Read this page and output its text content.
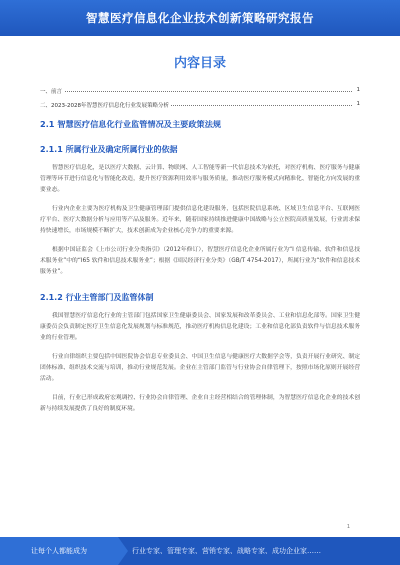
智慧医疗信息化企业技术创新策略研究报告
内容目录
一、前言	1
二、2023-2028年智慧医疗信息化行业发展策略分析	1
2.1 智慧医疗信息化行业监管情况及主要政策法规
2.1.1 所属行业及确定所属行业的依据
智慧医疗信息化，是以医疗大数据、云计算、物联网、人工智能等新一代信息技术为依托，对医疗机构、医疗服务与健康管理等环节进行信息化与智能化改造，提升医疗资源利用效率与服务质量，推动医疗服务模式向精准化、智能化方向发展的重要业态。
行业内企业主要为医疗机构及卫生健康管理部门提供信息化建设服务，包括医院信息系统、区域卫生信息平台、互联网医疗平台、医疗大数据分析与应用等产品及服务。近年来，随着国家持续推进健康中国战略与公立医院高质量发展，行业需求保持快速增长，市场规模不断扩大，技术创新成为企业核心竞争力的重要来源。
根据中国证监会《上市公司行业分类指引》（2012年修订），智慧医疗信息化企业所属行业为“I 信息传输、软件和信息技术服务业”中的“I65 软件和信息技术服务业”；根据《国民经济行业分类》（GB/T 4754-2017），所属行业为“软件和信息技术服务业”。
2.1.2 行业主管部门及监管体制
我国智慧医疗信息化行业的主管部门包括国家卫生健康委员会、国家发展和改革委员会、工业和信息化部等。国家卫生健康委员会负责制定医疗卫生信息化发展规划与标准规范，推动医疗机构信息化建设；工业和信息化部负责软件与信息技术服务业的行业管理。
行业自律组织主要包括中国医院协会信息专业委员会、中国卫生信息与健康医疗大数据学会等，负责开展行业研究、制定团体标准、组织技术交流与培训，推动行业规范发展。企业在主管部门监管与行业协会自律管理下，按照市场化原则开展经营活动。
目前，行业已形成政府宏观调控、行业协会自律管理、企业自主经营相结合的管理体制，为智慧医疗信息化企业的技术创新与持续发展提供了良好的制度环境。
1
让每个人都能成为	行业专家、管理专家、营销专家、战略专家、成功企业家……
